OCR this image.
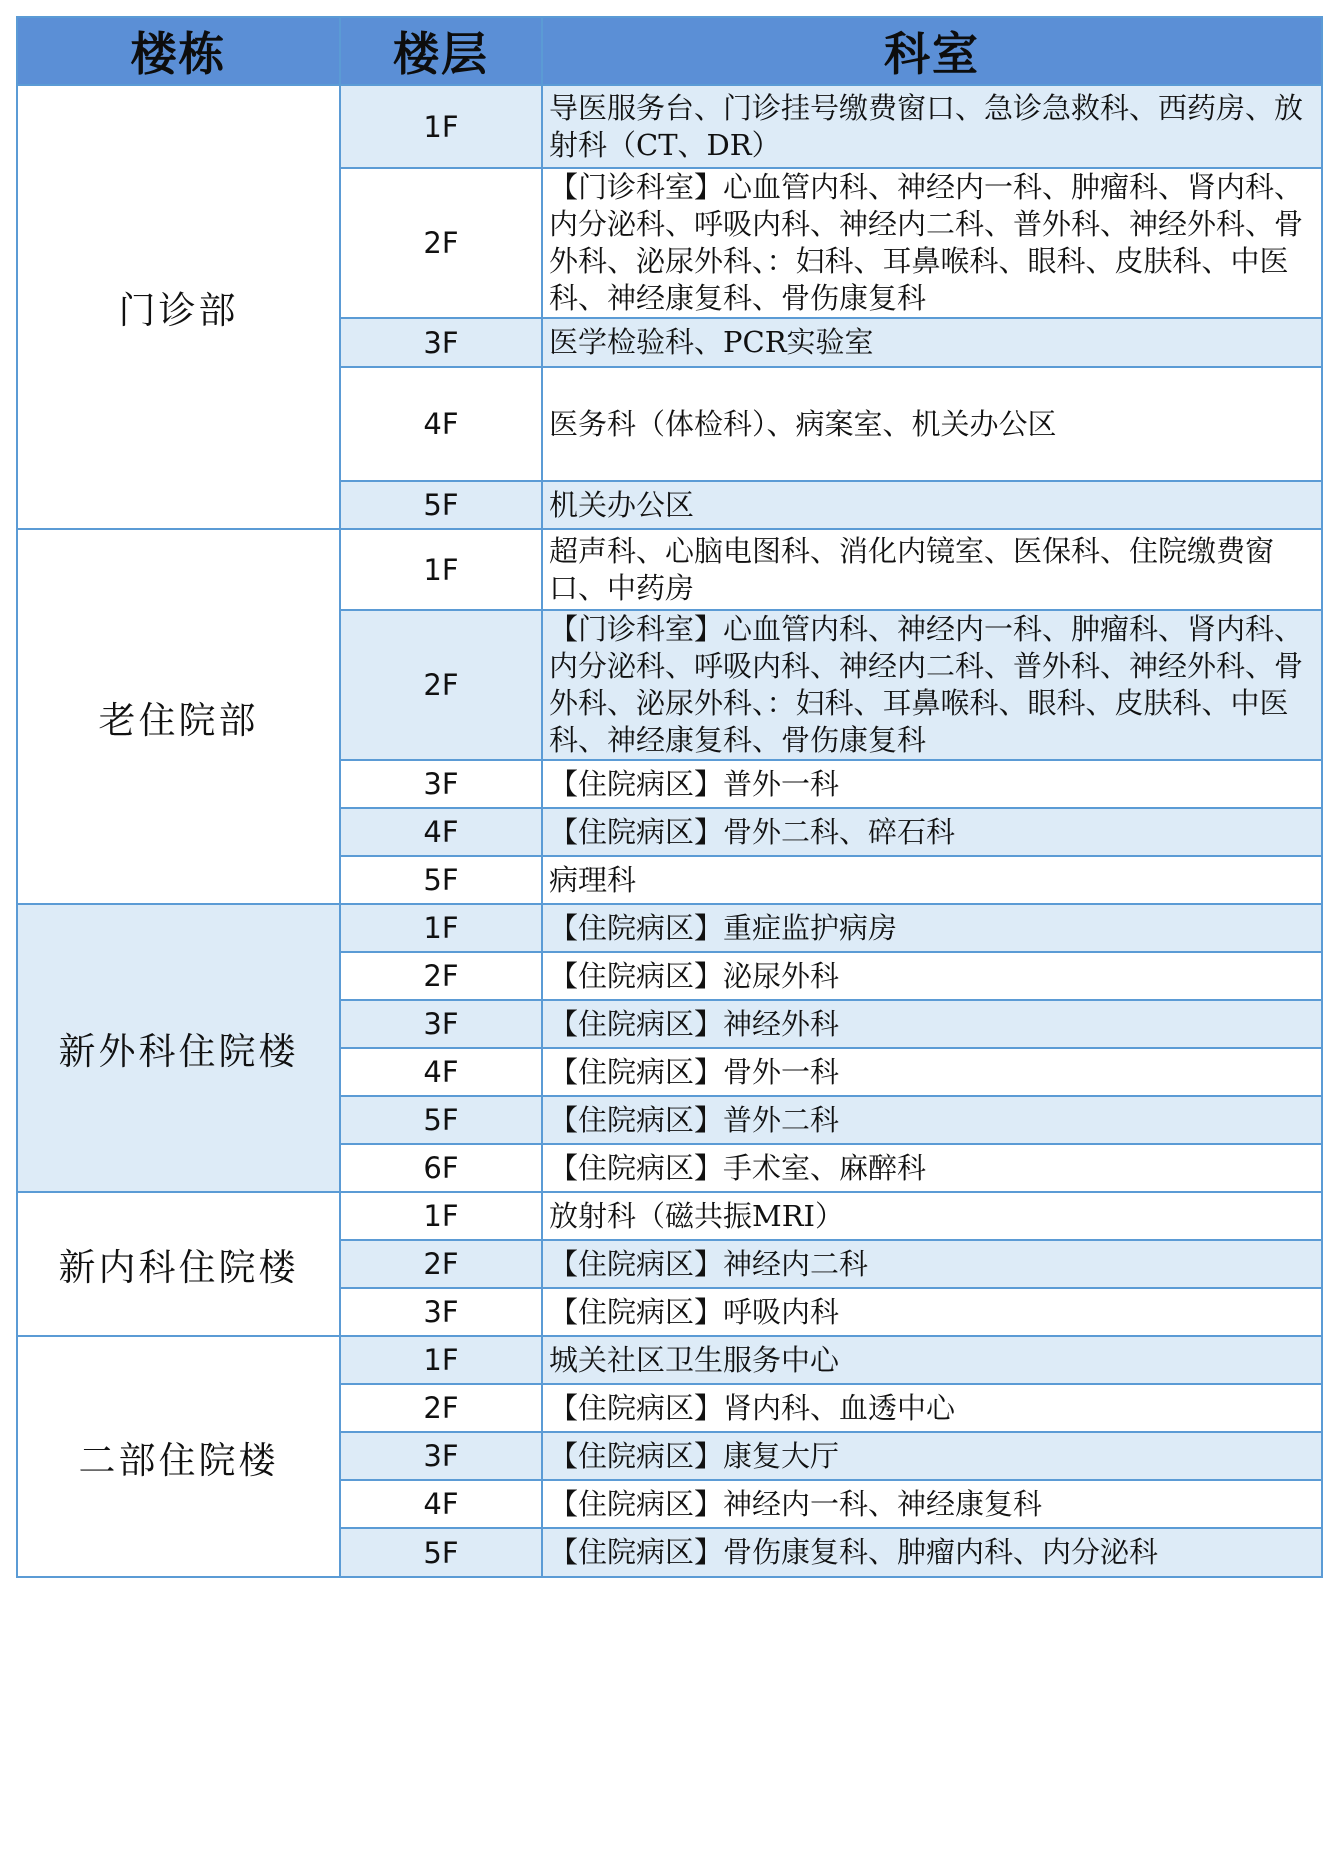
楼栋	楼层	科室
门诊部	1F	导医服务台、门诊挂号缴费窗口、急诊急救科、西药房、放射科（CT、DR）
	2F	【门诊科室】心血管内科、神经内一科、肿瘤科、肾内科、内分泌科、呼吸内科、神经内二科、普外科、神经外科、骨外科、泌尿外科、：妇科、耳鼻喉科、眼科、皮肤科、中医科、神经康复科、骨伤康复科
	3F	医学检验科、PCR实验室
	4F	医务科（体检科）、病案室、机关办公区
	5F	机关办公区
老住院部	1F	超声科、心脑电图科、消化内镜室、医保科、住院缴费窗口、中药房
	2F	【门诊科室】心血管内科、神经内一科、肿瘤科、肾内科、内分泌科、呼吸内科、神经内二科、普外科、神经外科、骨外科、泌尿外科、：妇科、耳鼻喉科、眼科、皮肤科、中医科、神经康复科、骨伤康复科
	3F	【住院病区】普外一科
	4F	【住院病区】骨外二科、碎石科
	5F	病理科
新外科住院楼	1F	【住院病区】重症监护病房
	2F	【住院病区】泌尿外科
	3F	【住院病区】神经外科
	4F	【住院病区】骨外一科
	5F	【住院病区】普外二科
	6F	【住院病区】手术室、麻醉科
新内科住院楼	1F	放射科（磁共振MRI）
	2F	【住院病区】神经内二科
	3F	【住院病区】呼吸内科
二部住院楼	1F	城关社区卫生服务中心
	2F	【住院病区】肾内科、血透中心
	3F	【住院病区】康复大厅
	4F	【住院病区】神经内一科、神经康复科
	5F	【住院病区】骨伤康复科、肿瘤内科、内分泌科
